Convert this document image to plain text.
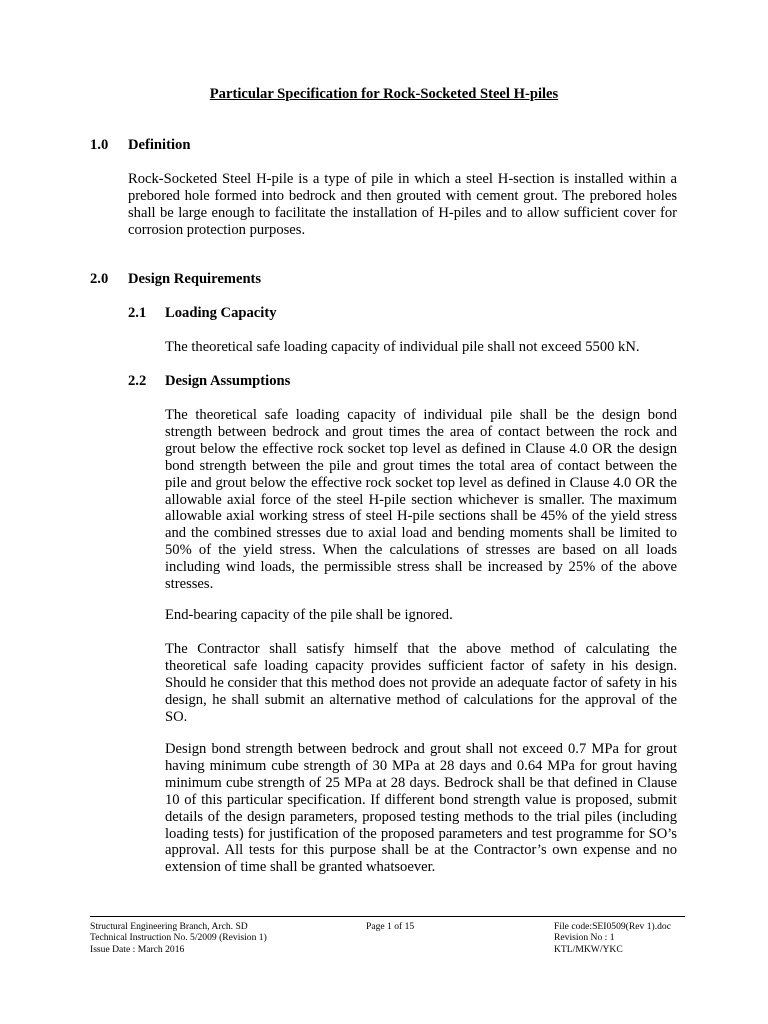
Particular Specification for Rock-Socketed Steel H-piles
1.0 Definition

Rock-Socketed Steel H-pile is a type of pile in which a steel H-section is installed within a prebored hole formed into bedrock and then grouted with cement grout. The prebored holes shall be large enough to facilitate the installation of H-piles and to allow sufficient cover for corrosion protection purposes.

2.0 Design Requirements
2.1 Loading Capacity

The theoretical safe loading capacity of individual pile shall not exceed 5500 kN.

2.2 Design Assumptions

The theoretical safe loading capacity of individual pile shall be the design bond strength between bedrock and grout times the area of contact between the rock and grout below the effective rock socket top level as defined in Clause 4.0 OR the design bond strength between the pile and grout times the total area of contact between the pile and grout below the effective rock socket top level as defined in Clause 4.0 OR the allowable axial force of the steel H-pile section whichever is smaller. The maximum allowable axial working stress of steel H-pile sections shall be 45% of the yield stress and the combined stresses due to axial load and bending moments shall be limited to 50% of the yield stress. When the calculations of stresses are based on all loads including wind loads, the permissible stress shall be increased by 25% of the above stresses.

End-bearing capacity of the pile shall be ignored.

The Contractor shall satisfy himself that the above method of calculating the theoretical safe loading capacity provides sufficient factor of safety in his design. Should he consider that this method does not provide an adequate factor of safety in his design, he shall submit an alternative method of calculations for the approval of the SO.

Design bond strength between bedrock and grout shall not exceed 0.7 MPa for grout having minimum cube strength of 30 MPa at 28 days and 0.64 MPa for grout having minimum cube strength of 25 MPa at 28 days. Bedrock shall be that defined in Clause 10 of this particular specification. If different bond strength value is proposed, submit details of the design parameters, proposed testing methods to the trial piles (including loading tests) for justification of the proposed parameters and test programme for SO’s approval. All tests for this purpose shall be at the Contractor’s own expense and no extension of time shall be granted whatsoever.

Structural Engineering Branch, Arch. SD
Technical Instruction No. 5/2009 (Revision 1)
Issue Date : March 2016
Page 1 of 15	File code:SEI0509(Rev 1).doc
Revision No : 1
KTL/MKW/YKC
